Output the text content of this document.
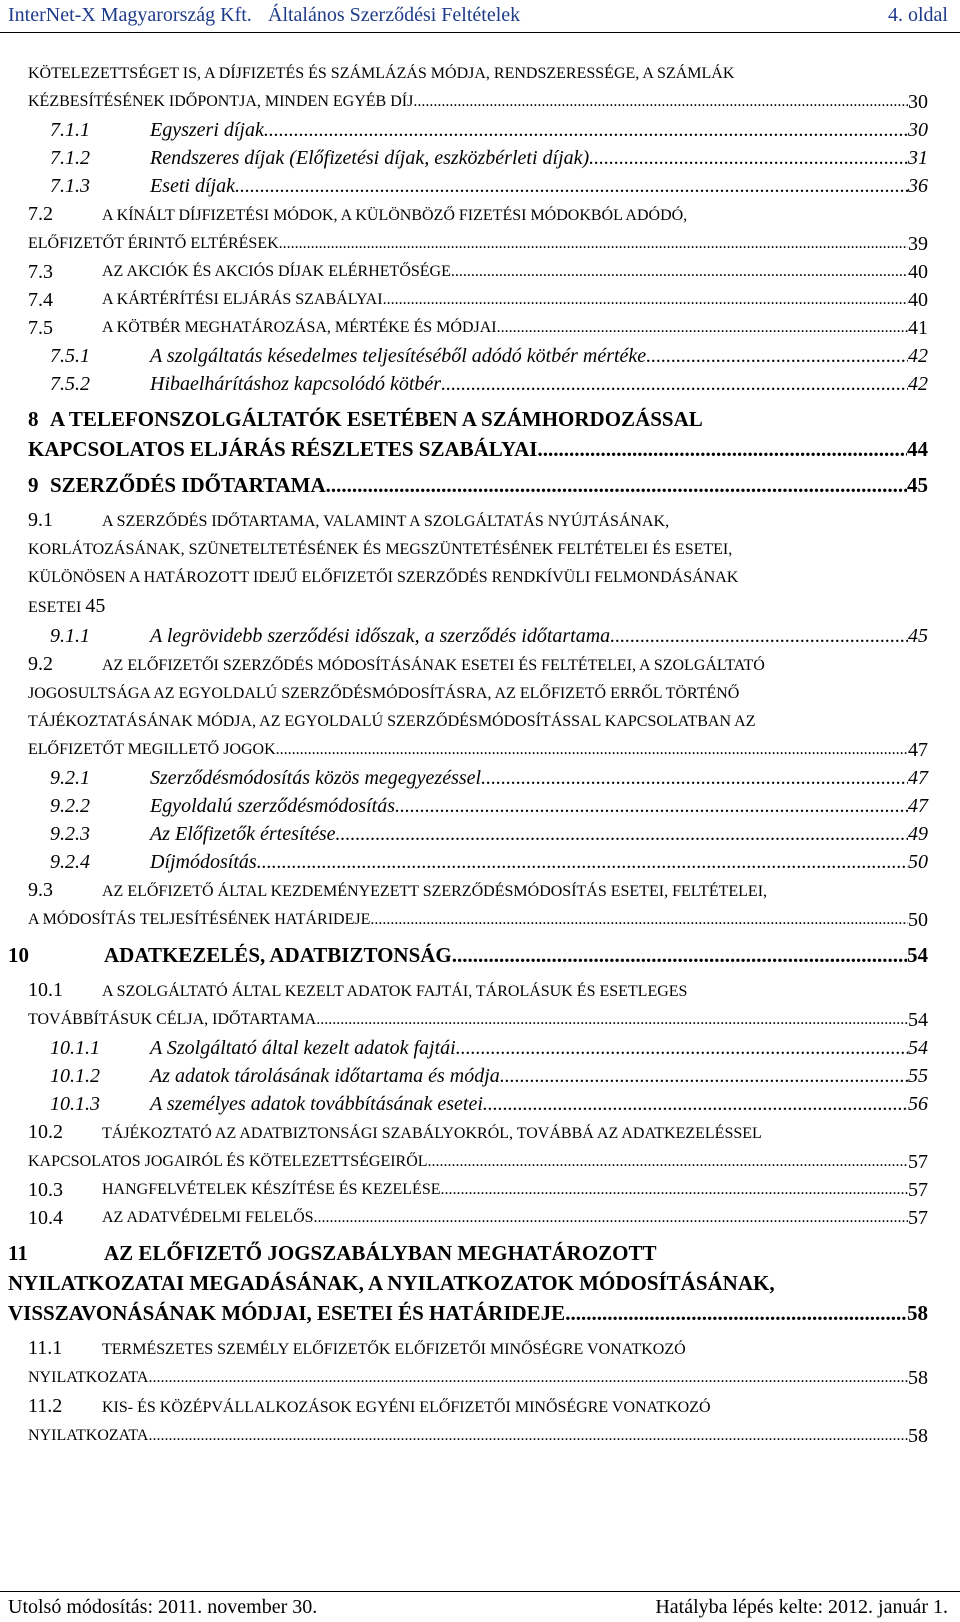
InterNet-X Magyarország Kft. Általános Szerződési Feltételek	4. oldal
KÖTELEZETTSÉGET IS, A DÍJFIZETÉS ÉS SZÁMLÁZÁS MÓDJA, RENDSZERESSÉGE, A SZÁMLÁK
KÉZBESÍTÉSÉNEK IDŐPONTJA, MINDEN EGYÉB DÍJ .....	30
7.1.1	Egyszeri díjak .....	30
7.1.2	Rendszeres díjak (Előfizetési díjak, eszközbérleti díjak) .....	31
7.1.3	Eseti díjak .....	36
7.2	A KÍNÁLT DÍJFIZETÉSI MÓDOK, A KÜLÖNBÖZŐ FIZETÉSI MÓDOKBÓL ADÓDÓ,
ELŐFIZETŐT ÉRINTŐ ELTÉRÉSEK .....	39
7.3	AZ AKCIÓK ÉS AKCIÓS DÍJAK ELÉRHETŐSÉGE .....	40
7.4	A KÁRTÉRÍTÉSI ELJÁRÁS SZABÁLYAI .....	40
7.5	A KÖTBÉR MEGHATÁROZÁSA, MÉRTÉKE ÉS MÓDJAI .....	41
7.5.1	A szolgáltatás késedelmes teljesítéséből adódó kötbér mértéke .....	42
7.5.2	Hibaelhárításhoz kapcsolódó kötbér .....	42
8 A TELEFONSZOLGÁLTATÓK ESETÉBEN A SZÁMHORDOZÁSSAL
KAPCSOLATOS ELJÁRÁS RÉSZLETES SZABÁLYAI .....	44
9 SZERZŐDÉS IDŐTARTAMA .....	45
9.1	A SZERZŐDÉS IDŐTARTAMA, VALAMINT A SZOLGÁLTATÁS NYÚJTÁSÁNAK,
KORLÁTOZÁSÁNAK, SZÜNETELTETÉSÉNEK ÉS MEGSZÜNTETÉSÉNEK FELTÉTELEI ÉS ESETEI,
KÜLÖNÖSEN A HATÁROZOTT IDEJŰ ELŐFIZETŐI SZERZŐDÉS RENDKÍVÜLI FELMONDÁSÁNAK
ESETEI 45
9.1.1	A legrövidebb szerződési időszak, a szerződés időtartama .....	45
9.2	AZ ELŐFIZETŐI SZERZŐDÉS MÓDOSÍTÁSÁNAK ESETEI ÉS FELTÉTELEI, A SZOLGÁLTATÓ
JOGOSULTSÁGA AZ EGYOLDALÚ SZERZŐDÉSMÓDOSÍTÁSRA, AZ ELŐFIZETŐ ERRŐL TÖRTÉNŐ
TÁJÉKOZTATÁSÁNAK MÓDJA, AZ EGYOLDALÚ SZERZŐDÉSMÓDOSÍTÁSSAL KAPCSOLATBAN AZ
ELŐFIZETŐT MEGILLETŐ JOGOK .....	47
9.2.1	Szerződésmódosítás közös megegyezéssel .....	47
9.2.2	Egyoldalú szerződésmódosítás .....	47
9.2.3	Az Előfizetők értesítése .....	49
9.2.4	Díjmódosítás .....	50
9.3	AZ ELŐFIZETŐ ÁLTAL KEZDEMÉNYEZETT SZERZŐDÉSMÓDOSÍTÁS ESETEI, FELTÉTELEI,
A MÓDOSÍTÁS TELJESÍTÉSÉNEK HATÁRIDEJE .....	50
10	ADATKEZELÉS, ADATBIZTONSÁG .....	54
10.1 A SZOLGÁLTATÓ ÁLTAL KEZELT ADATOK FAJTÁI, TÁROLÁSUK ÉS ESETLEGES
TOVÁBBÍTÁSUK CÉLJA, IDŐTARTAMA .....	54
10.1.1	A Szolgáltató által kezelt adatok fajtái .....	54
10.1.2	Az adatok tárolásának időtartama és módja .....	55
10.1.3	A személyes adatok továbbításának esetei .....	56
10.2 TÁJÉKOZTATÓ AZ ADATBIZTONSÁGI SZABÁLYOKRÓL, TOVÁBBÁ AZ ADATKEZELÉSSEL
KAPCSOLATOS JOGAIRÓL ÉS KÖTELEZETTSÉGEIRŐL .....	57
10.3 HANGFELVÉTELEK KÉSZÍTÉSE ÉS KEZELÉSE .....	57
10.4 AZ ADATVÉDELMI FELELŐS .....	57
11	AZ ELŐFIZETŐ JOGSZABÁLYBAN MEGHATÁROZOTT
NYILATKOZATAI MEGADÁSÁNAK, A NYILATKOZATOK MÓDOSÍTÁSÁNAK,
VISSZAVONÁSÁNAK MÓDJAI, ESETEI ÉS HATÁRIDEJE .....	58
11.1 TERMÉSZETES SZEMÉLY ELŐFIZETŐK ELŐFIZETŐI MINŐSÉGRE VONATKOZÓ
NYILATKOZATA .....	58
11.2 KIS- ÉS KÖZÉPVÁLLALKOZÁSOK EGYÉNI ELŐFIZETŐI MINŐSÉGRE VONATKOZÓ
NYILATKOZATA .....	58
Utolsó módosítás: 2011. november 30.	Hatályba lépés kelte: 2012. január 1.
